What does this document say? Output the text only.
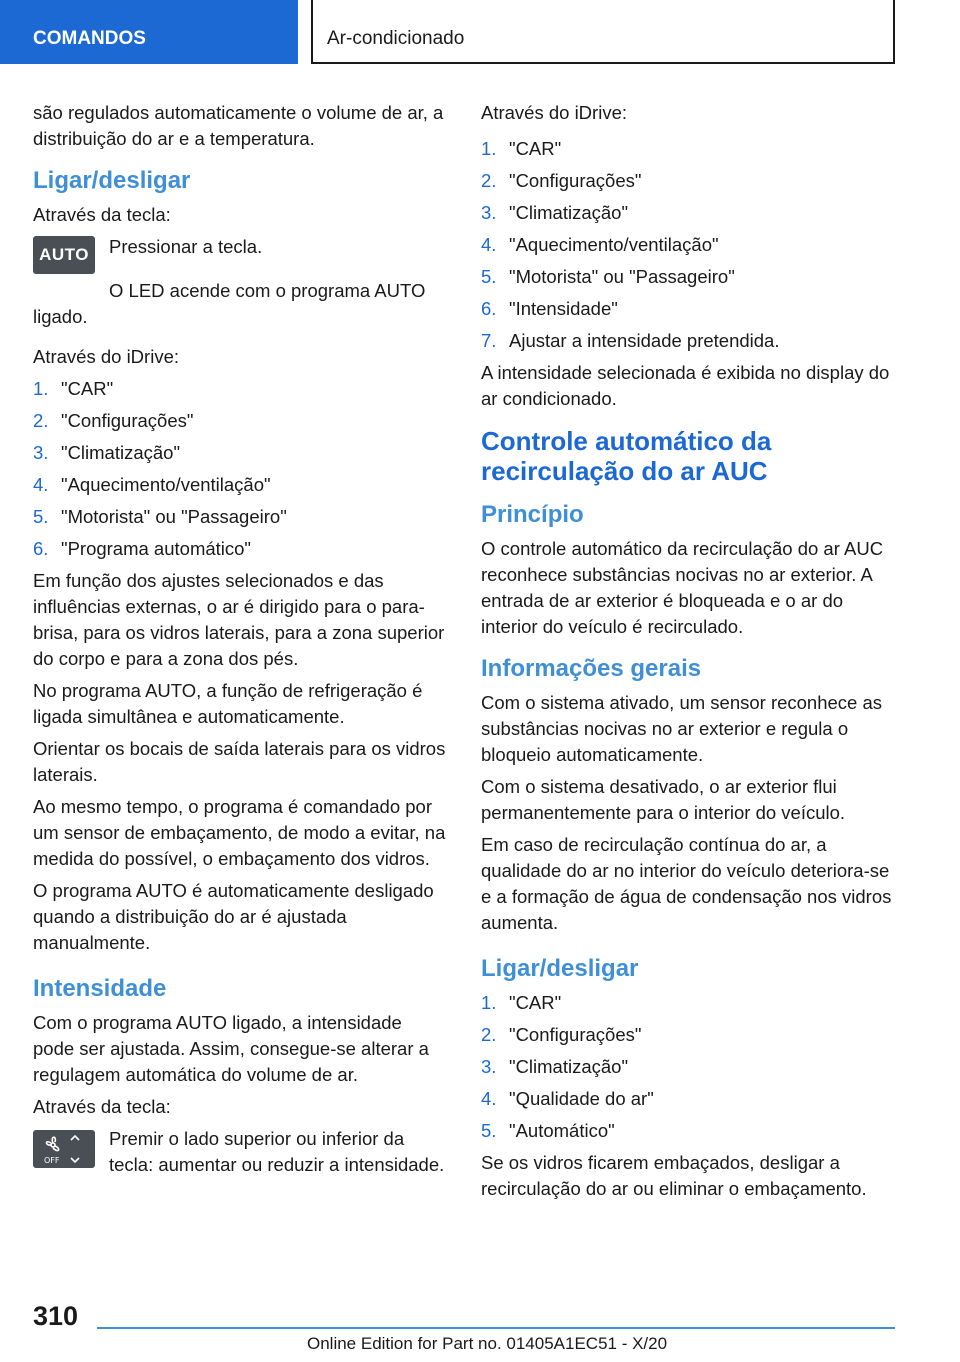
COMANDOS	Ar-condicionado

são regulados automaticamente o volume de ar, a distribuição do ar e a temperatura.

Ligar/desligar

Através da tecla:

AUTO	Pressionar a tecla.

O LED acende com o programa AUTO ligado.

Através do iDrive:

1. "CAR"
2. "Configurações"
3. "Climatização"
4. "Aquecimento/ventilação"
5. "Motorista" ou "Passageiro"
6. "Programa automático"

Em função dos ajustes selecionados e das influências externas, o ar é dirigido para o para-brisa, para os vidros laterais, para a zona superior do corpo e para a zona dos pés.

No programa AUTO, a função de refrigeração é ligada simultânea e automaticamente.

Orientar os bocais de saída laterais para os vidros laterais.

Ao mesmo tempo, o programa é comandado por um sensor de embaçamento, de modo a evitar, na medida do possível, o embaçamento dos vidros.

O programa AUTO é automaticamente desligado quando a distribuição do ar é ajustada manualmente.

Intensidade

Com o programa AUTO ligado, a intensidade pode ser ajustada. Assim, consegue-se alterar a regulagem automática do volume de ar.

Através da tecla:

OFF

Premir o lado superior ou inferior da tecla: aumentar ou reduzir a intensidade.

Através do iDrive:

1. "CAR"
2. "Configurações"
3. "Climatização"
4. "Aquecimento/ventilação"
5. "Motorista" ou "Passageiro"
6. "Intensidade"
7. Ajustar a intensidade pretendida.

A intensidade selecionada é exibida no display do ar condicionado.

Controle automático da recirculação do ar AUC
Princípio

O controle automático da recirculação do ar AUC reconhece substâncias nocivas no ar exterior. A entrada de ar exterior é bloqueada e o ar do interior do veículo é recirculado.

Informações gerais

Com o sistema ativado, um sensor reconhece as substâncias nocivas no ar exterior e regula o bloqueio automaticamente.

Com o sistema desativado, o ar exterior flui permanentemente para o interior do veículo.

Em caso de recirculação contínua do ar, a qualidade do ar no interior do veículo deteriora-se e a formação de água de condensação nos vidros aumenta.

Ligar/desligar
1. "CAR"
2. "Configurações"
3. "Climatização"
4. "Qualidade do ar"
5. "Automático"

Se os vidros ficarem embaçados, desligar a recirculação do ar ou eliminar o embaçamento.

310
Online Edition for Part no. 01405A1EC51 - X/20
